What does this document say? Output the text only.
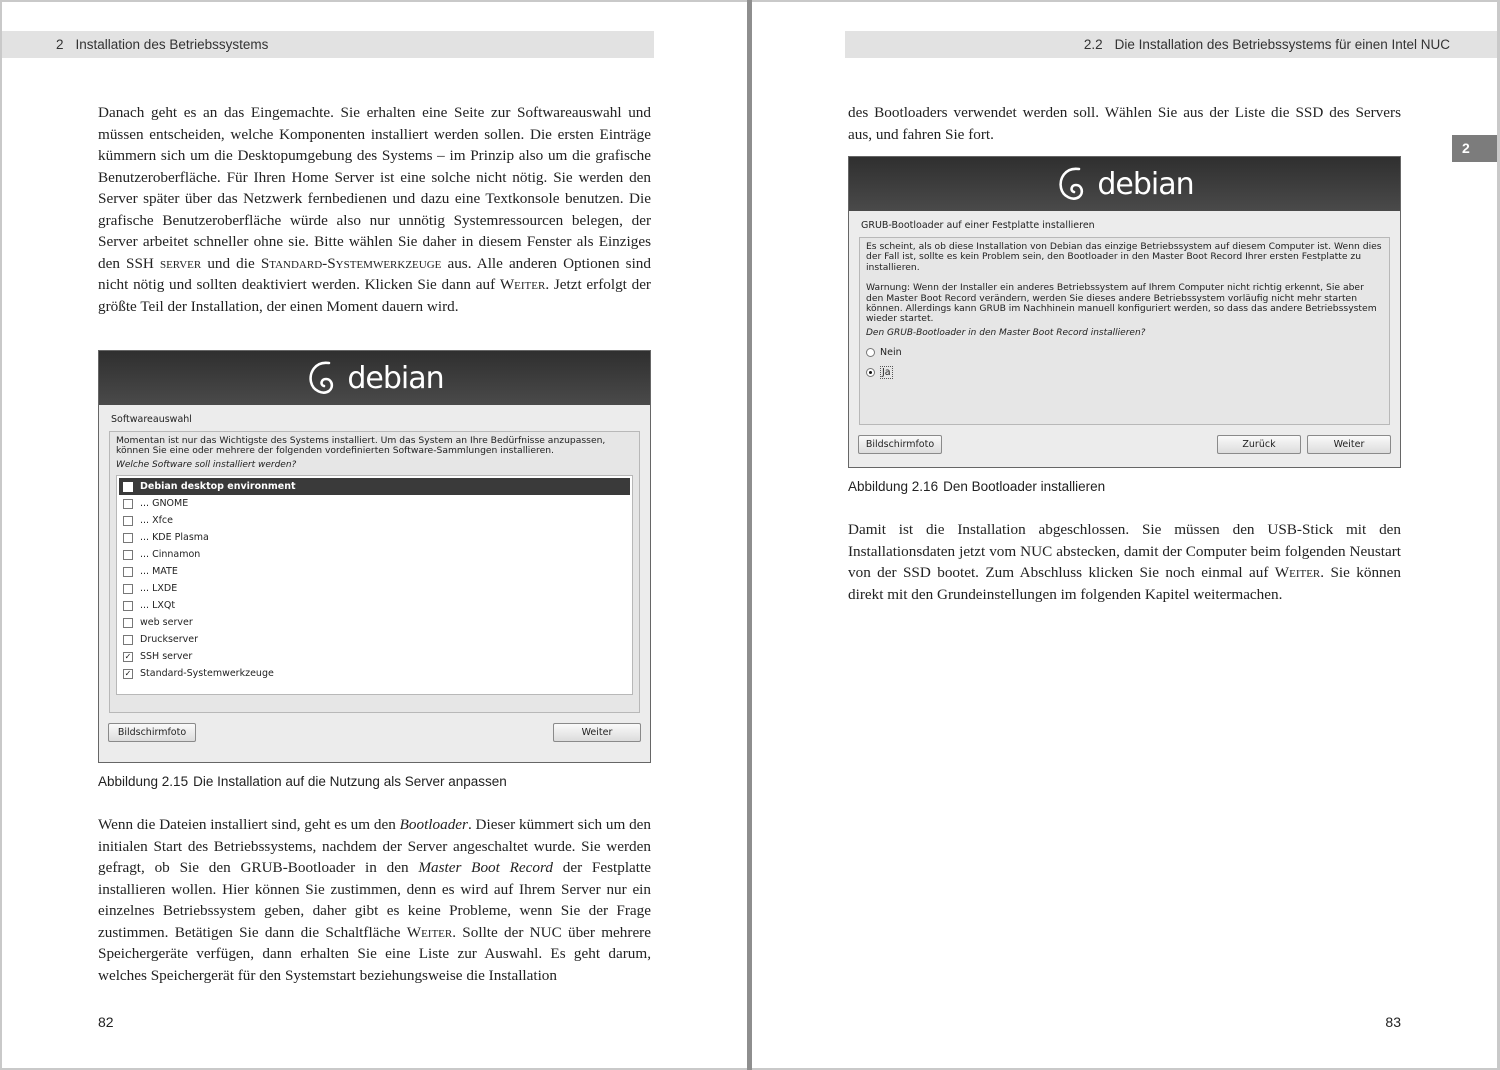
2 Installation des Betriebssystems

Danach geht es an das Eingemachte. Sie erhalten eine Seite zur Softwareauswahl und müssen entscheiden, welche Komponenten installiert werden sollen. Die ersten Einträge kümmern sich um die Desktopumgebung des Systems – im Prinzip also um die grafische Benutzeroberfläche. Für Ihren Home Server ist eine solche nicht nötig. Sie werden den Server später über das Netzwerk fernbedienen und dazu eine Textkonsole benutzen. Die grafische Benutzeroberfläche würde also nur unnötig Systemressourcen belegen, der Server arbeitet schneller ohne sie. Bitte wählen Sie daher in diesem Fenster als Einziges den SSH server und die Standard-Systemwerkzeuge aus. Alle anderen Optionen sind nicht nötig und sollten deaktiviert werden. Klicken Sie dann auf Weiter. Jetzt erfolgt der größte Teil der Installation, der einen Moment dauern wird.

debian
Softwareauswahl

Momentan ist nur das Wichtigste des Systems installiert. Um das System an Ihre Bedürfnisse anzupassen, können Sie eine oder mehrere der folgenden vordefinierten Software-Sammlungen installieren.

Welche Software soll installiert werden?

Debian desktop environment
... GNOME
... Xfce
... KDE Plasma
... Cinnamon
... MATE
... LXDE
... LXQt
web server
Druckserver
✓ SSH server
✓ Standard-Systemwerkzeuge
Bildschirmfoto	Weiter
Abbildung 2.15 Die Installation auf die Nutzung als Server anpassen

Wenn die Dateien installiert sind, geht es um den Bootloader. Dieser kümmert sich um den initialen Start des Betriebssystems, nachdem der Server angeschaltet wurde. Sie werden gefragt, ob Sie den GRUB-Bootloader in den Master Boot Record der Festplatte installieren wollen. Hier können Sie zustimmen, denn es wird auf Ihrem Server nur ein einzelnes Betriebssystem geben, daher gibt es keine Probleme, wenn Sie der Frage zustimmen. Betätigen Sie dann die Schaltfläche Weiter. Sollte der NUC über mehrere Speichergeräte verfügen, dann erhalten Sie eine Liste zur Auswahl. Es geht darum, welches Speichergerät für den Systemstart beziehungsweise die Installation

82
2.2 Die Installation des Betriebssystems für einen Intel NUC
2

des Bootloaders verwendet werden soll. Wählen Sie aus der Liste die SSD des Servers aus, und fahren Sie fort.

debian
GRUB-Bootloader auf einer Festplatte installieren

Es scheint, als ob diese Installation von Debian das einzige Betriebssystem auf diesem Computer ist. Wenn dies der Fall ist, sollte es kein Problem sein, den Bootloader in den Master Boot Record Ihrer ersten Festplatte zu installieren.

Warnung: Wenn der Installer ein anderes Betriebssystem auf Ihrem Computer nicht richtig erkennt, Sie aber den Master Boot Record verändern, werden Sie dieses andere Betriebssystem vorläufig nicht mehr starten können. Allerdings kann GRUB im Nachhinein manuell konfiguriert werden, so dass das andere Betriebssystem wieder startet.

Den GRUB-Bootloader in den Master Boot Record installieren?

Nein
Ja
Bildschirmfoto	Zurück	Weiter
Abbildung 2.16 Den Bootloader installieren

Damit ist die Installation abgeschlossen. Sie müssen den USB-Stick mit den Installationsdaten jetzt vom NUC abstecken, damit der Computer beim folgenden Neustart von der SSD bootet. Zum Abschluss klicken Sie noch einmal auf Weiter. Sie können direkt mit den Grundeinstellungen im folgenden Kapitel weitermachen.

83
